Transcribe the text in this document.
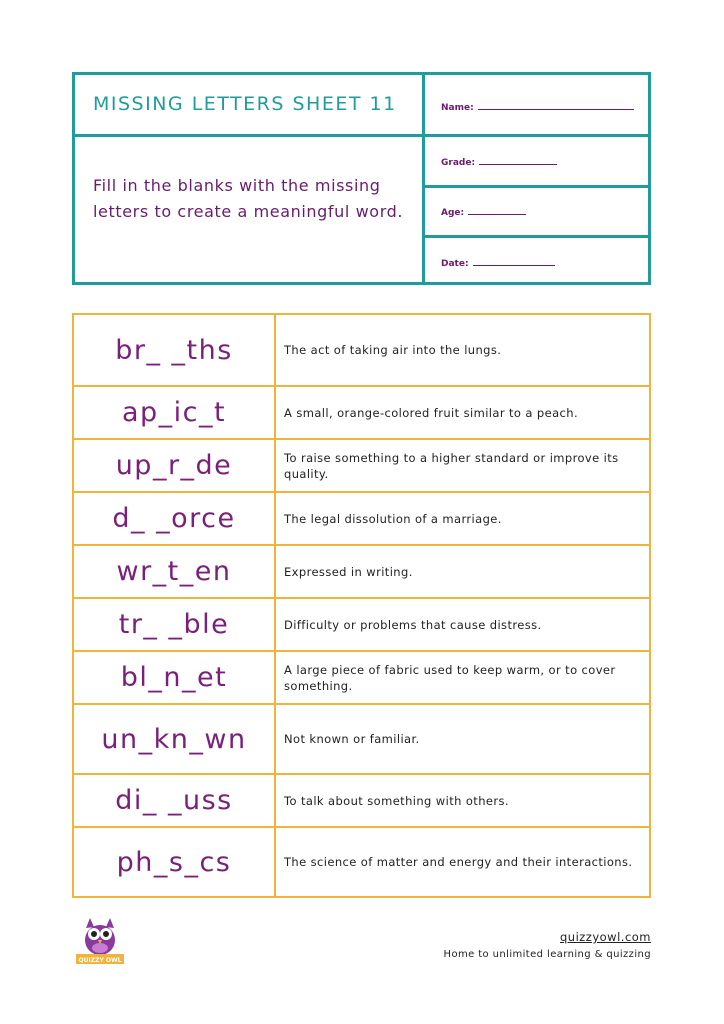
MISSING LETTERS SHEET 11
Fill in the blanks with the missing letters to create a meaningful word.
Name:
Grade:
Age:
Date:
br_ _ths	The act of taking air into the lungs.
ap_ic_t	A small, orange-colored fruit similar to a peach.
up_r_de	To raise something to a higher standard or improve its quality.
d_ _orce	The legal dissolution of a marriage.
wr_t_en	Expressed in writing.
tr_ _ble	Difficulty or problems that cause distress.
bl_n_et	A large piece of fabric used to keep warm, or to cover something.
un_kn_wn	Not known or familiar.
di_ _uss	To talk about something with others.
ph_s_cs	The science of matter and energy and their interactions.
QUIZZY OWL
quizzyowl.com
Home to unlimited learning & quizzing
